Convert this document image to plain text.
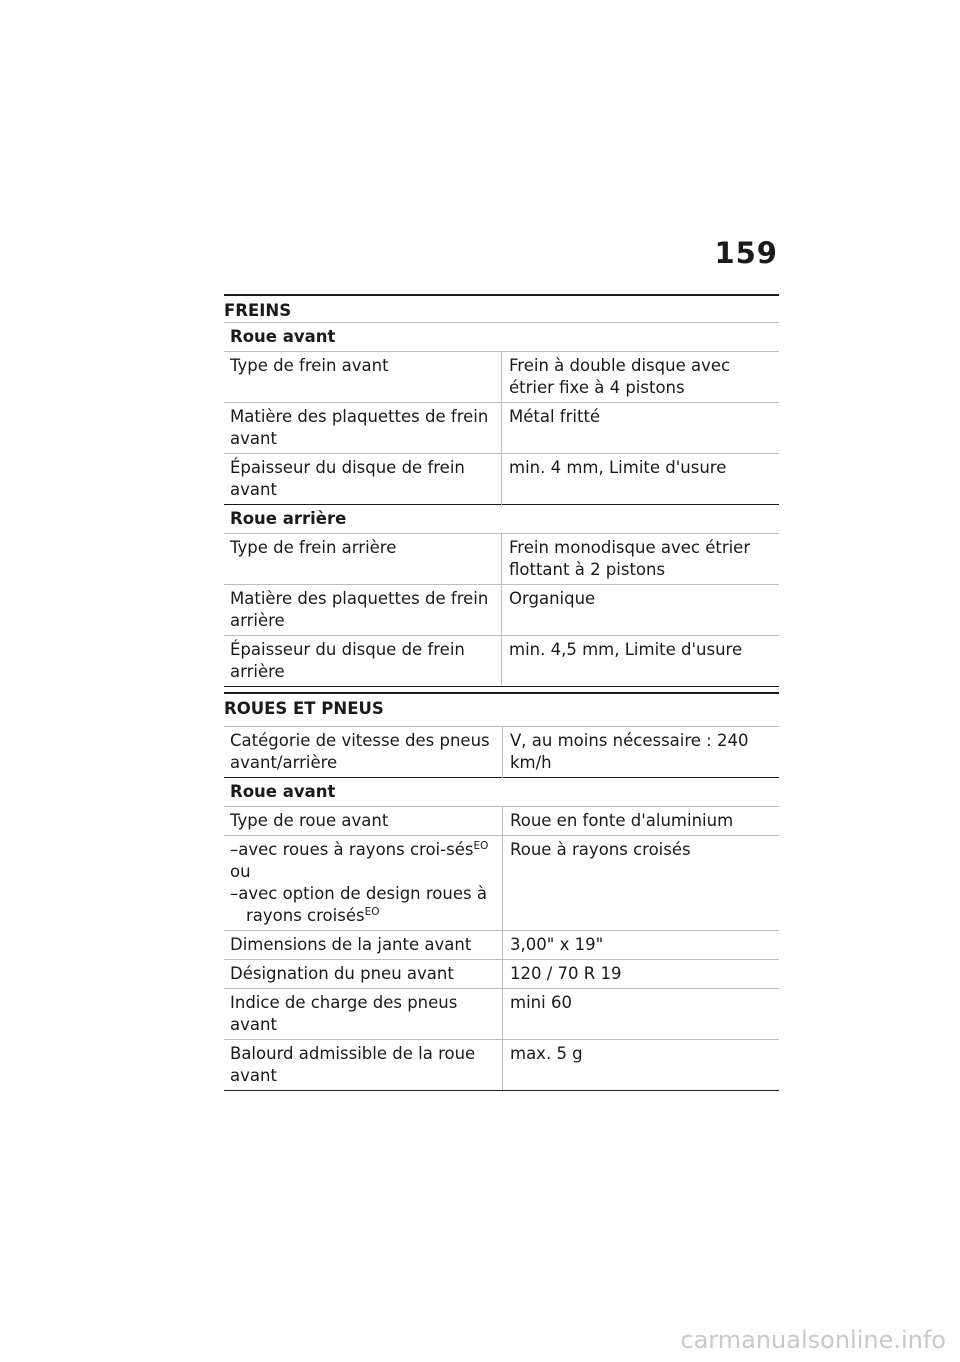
159
FREINS
Roue avant	
Type de frein avant	Frein à double disque avec étrier fixe à 4 pistons
Matière des plaquettes de frein avant	Métal fritté
Épaisseur du disque de frein avant	min. 4 mm, Limite d'usure
Roue arrière	
Type de frein arrière	Frein monodisque avec étrier flottant à 2 pistons
Matière des plaquettes de frein arrière	Organique
Épaisseur du disque de frein arrière	min. 4,5 mm, Limite d'usure
ROUES ET PNEUS
Catégorie de vitesse des pneus avant/arrière	V, au moins nécessaire : 240 km/h
Roue avant	
Type de roue avant	Roue en fonte d'aluminium

–avec roues à rayons croi-sés$^{EO}$
ou
–avec option de design roues à rayons croisés$^{EO}$	Roue à rayons croisés
Dimensions de la jante avant	3,00" x 19"
Désignation du pneu avant	120 / 70 R 19
Indice de charge des pneus avant	mini 60
Balourd admissible de la roue avant	max. 5 g
carmanualsonline.info
